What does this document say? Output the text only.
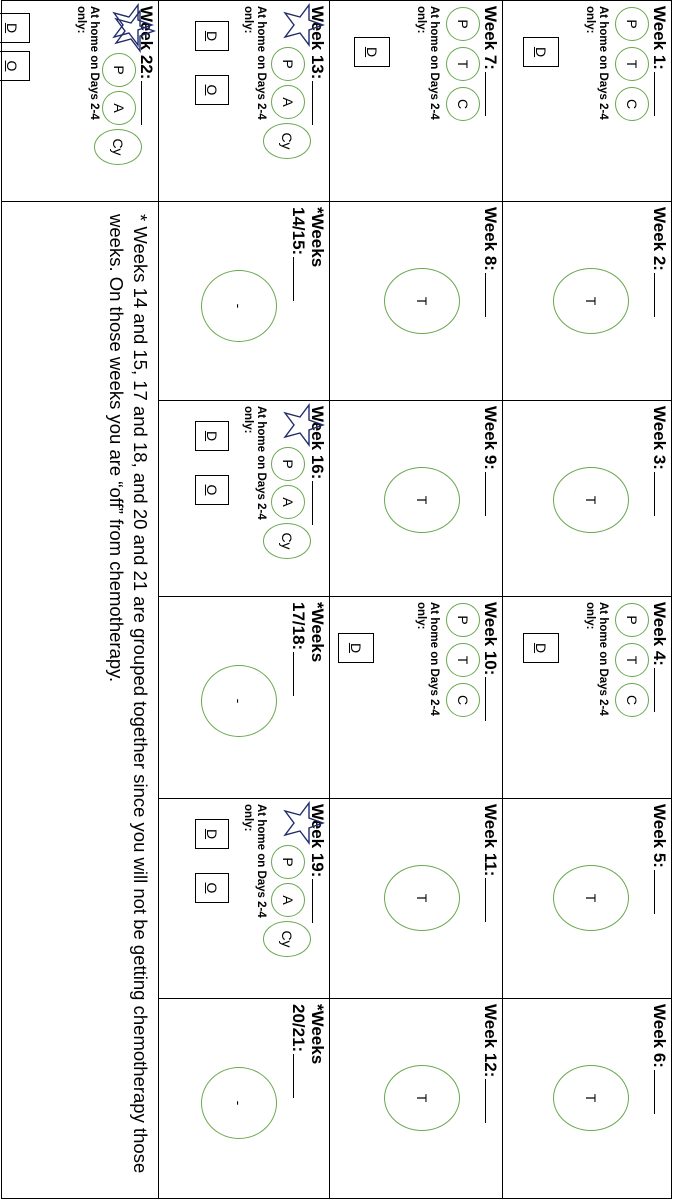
Week 1:
P
T
C
At home on Days 2-4
only:
D
Week 2:
T
Week 3:
T
Week 4:
P
T
C
At home on Days 2-4
only:
D
Week 5:
T
Week 6:
T
Week 7:
P
T
C
At home on Days 2-4
only:
D
Week 8:
T
Week 9:
T
Week 10:
P
T
C
At home on Days 2-4
only:
D
Week 11:
T
Week 12:
T
Week 13:
P
A
Cy
At home on Days 2-4
only:
D
O
*Weeks
14/15:
-
Week 16:
P
A
Cy
At home on Days 2-4
only:
D
O
*Weeks
17/18:
-
Week 19:
P
A
Cy
At home on Days 2-4
only:
D
O
*Weeks
20/21:
-
Week 22:
P
A
Cy
At home on Days 2-4
only:
D
O
* Weeks 14 and 15, 17 and 18, and 20 and 21 are grouped together since you will not be getting chemotherapy those weeks. On those weeks you are “off” from chemotherapy.
